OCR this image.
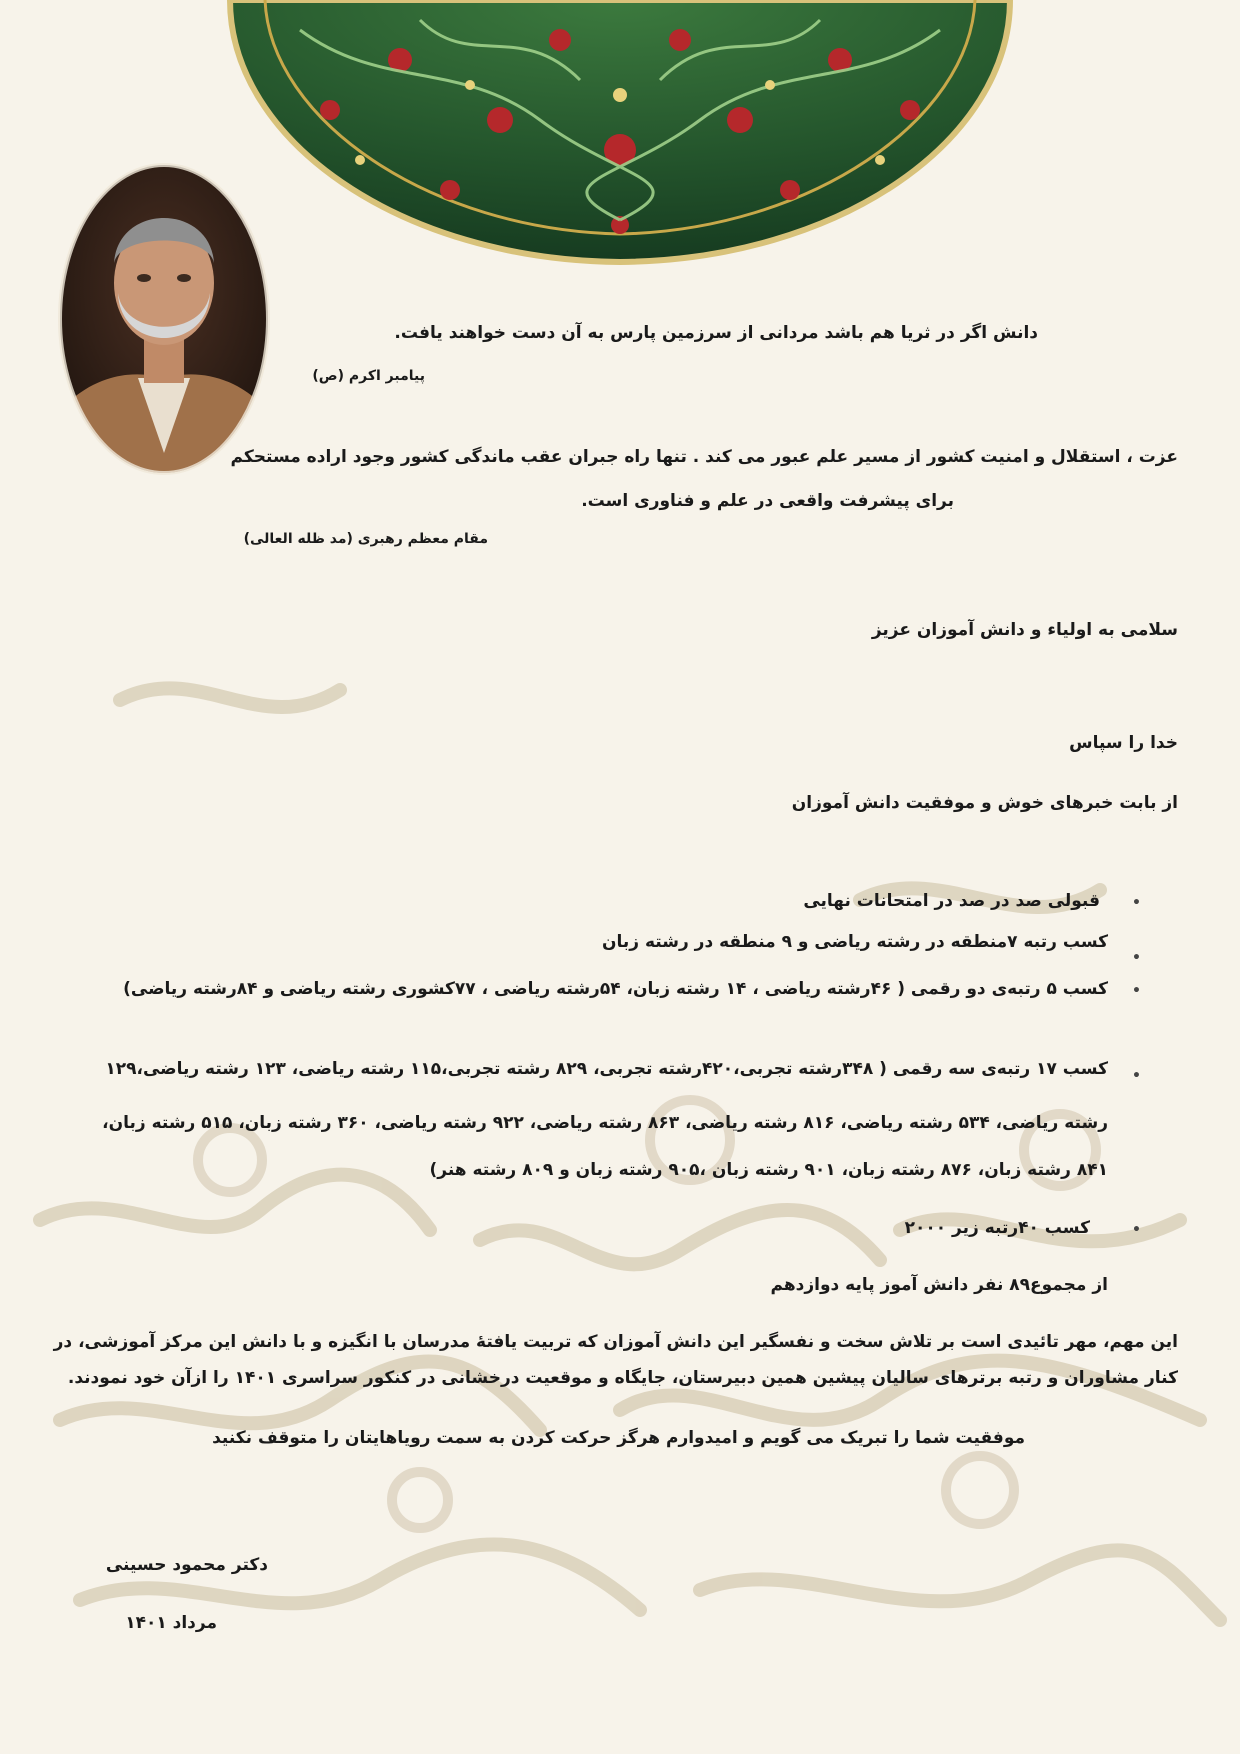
دانش اگر در ثریا هم باشد مردانی از سرزمین پارس به آن دست خواهند یافت.
پیامبر اکرم (ص)
عزت ، استقلال و امنیت کشور از مسیر علم عبور می کند . تنها راه جبران عقب ماندگی کشور وجود اراده مستحکم
برای پیشرفت واقعی در علم و فناوری است.
مقام معظم رهبری (مد ظله العالی)
سلامی به اولیاء و دانش آموزان عزیز
خدا را سپاس
از بابت خبرهای خوش و موفقیت دانش آموزان
•
قبولی صد در صد در امتحانات نهایی
•
کسب رتبه ۷منطقه در رشته ریاضی و ۹ منطقه در رشته زبان
•
کسب ۵ رتبه‌ی دو رقمی ( ۴۶رشته ریاضی ، ۱۴ رشته زبان، ۵۴رشته ریاضی ، ۷۷کشوری رشته ریاضی و ۸۴رشته ریاضی)
•
کسب ۱۷ رتبه‌ی سه رقمی ( ۳۴۸رشته تجربی،۴۲۰رشته تجربی، ۸۲۹ رشته تجربی،۱۱۵ رشته ریاضی، ۱۲۳ رشته ریاضی،۱۲۹
رشته ریاضی، ۵۳۴ رشته ریاضی، ۸۱۶ رشته ریاضی، ۸۶۳ رشته ریاضی، ۹۲۲ رشته ریاضی، ۳۶۰ رشته زبان، ۵۱۵ رشته زبان،
۸۴۱ رشته زبان، ۸۷۶ رشته زبان، ۹۰۱ رشته زبان ،۹۰۵ رشته زبان و ۸۰۹ رشته هنر)
•
کسب ۴۰رتبه زیر ۲۰۰۰
از مجموع۸۹ نفر دانش آموز پایه دوازدهم
این مهم، مهر تائیدی است بر تلاش سخت و نفسگیر این دانش آموزان که تربیت یافتهٔ مدرسان با انگیزه و با دانش این مرکز آموزشی، در
کنار مشاوران و رتبه برترهای سالیان پیشین همین دبیرستان، جایگاه و موقعیت درخشانی در کنکور سراسری ۱۴۰۱ را ازآن خود نمودند.
موفقیت شما را تبریک می گویم و امیدوارم هرگز حرکت کردن به سمت رویاهایتان را متوقف نکنید
دکتر محمود حسینی
مرداد ۱۴۰۱
